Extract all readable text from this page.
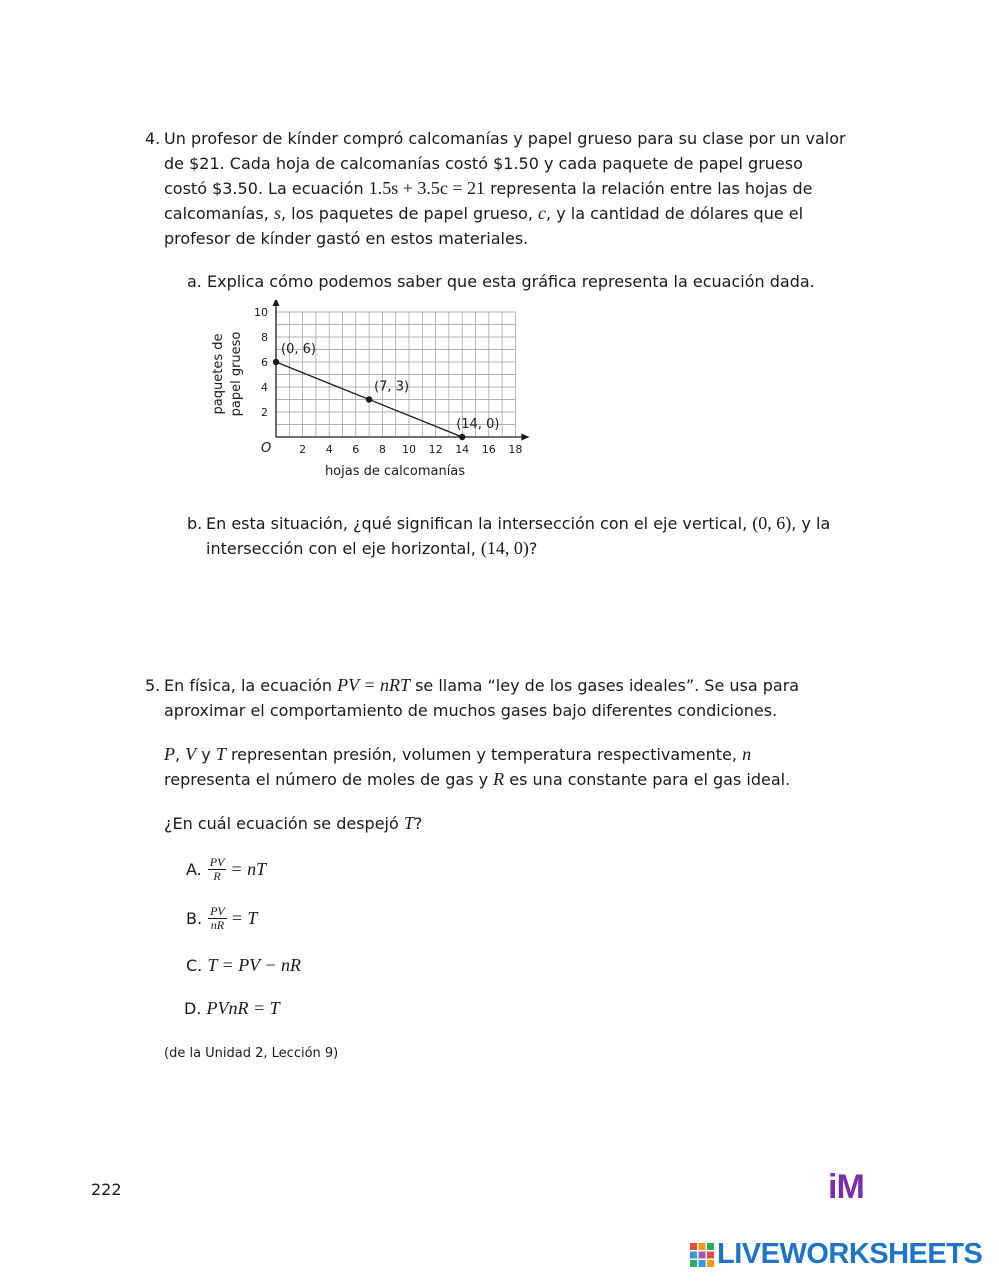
4. Un profesor de kínder compró calcomanías y papel grueso para su clase por un valor
de $21. Cada hoja de calcomanías costó $1.50 y cada paquete de papel grueso
costó $3.50. La ecuación 1.5s + 3.5c = 21 representa la relación entre las hojas de
calcomanías, s, los paquetes de papel grueso, c, y la cantidad de dólares que el
profesor de kínder gastó en estos materiales.
a. Explica cómo podemos saber que esta gráfica representa la ecuación dada.
2 4 6 8 10 12 14 16 18
2
4
6
8
10
(0, 6)
(7, 3)
(14, 0)
hojas de calcomanías
paquetes de papel grueso
O
b. En esta situación, ¿qué significan la intersección con el eje vertical, (0, 6), y la
intersección con el eje horizontal, (14, 0)?
5. En física, la ecuación PV = nRT se llama “ley de los gases ideales”. Se usa para
aproximar el comportamiento de muchos gases bajo diferentes condiciones.
P, V y T representan presión, volumen y temperatura respectivamente, n
representa el número de moles de gas y R es una constante para el gas ideal.
¿En cuál ecuación se despejó T?
A. $\frac{PV}{R}$ = nT
B. $\frac{PV}{nR} = T$
C. T = PV − nR
D. PVnR = T
(de la Unidad 2, Lección 9)
222	iM
LIVEWORKSHEETS
